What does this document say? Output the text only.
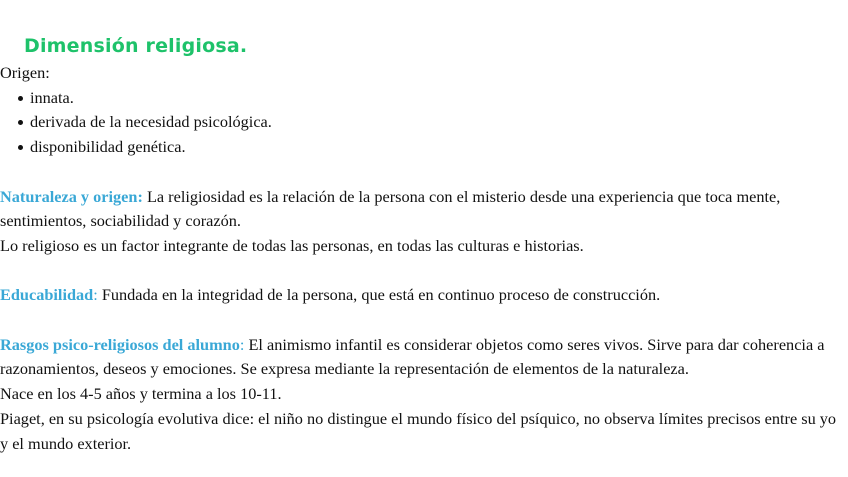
Dimensión religiosa.

Origen:

innata.
derivada de la necesidad psicológica.
disponibilidad genética.

Naturaleza y origen: La religiosidad es la relación de la persona con el misterio desde una experiencia que toca mente, sentimientos, sociabilidad y corazón.

Lo religioso es un factor integrante de todas las personas, en todas las culturas e historias.

Educabilidad: Fundada en la integridad de la persona, que está en continuo proceso de construcción.

Rasgos psico-religiosos del alumno: El animismo infantil es considerar objetos como seres vivos. Sirve para dar coherencia a razonamientos, deseos y emociones. Se expresa mediante la representación de elementos de la naturaleza.

Nace en los 4-5 años y termina a los 10-11.

Piaget, en su psicología evolutiva dice: el niño no distingue el mundo físico del psíquico, no observa límites precisos entre su yo y el mundo exterior.
